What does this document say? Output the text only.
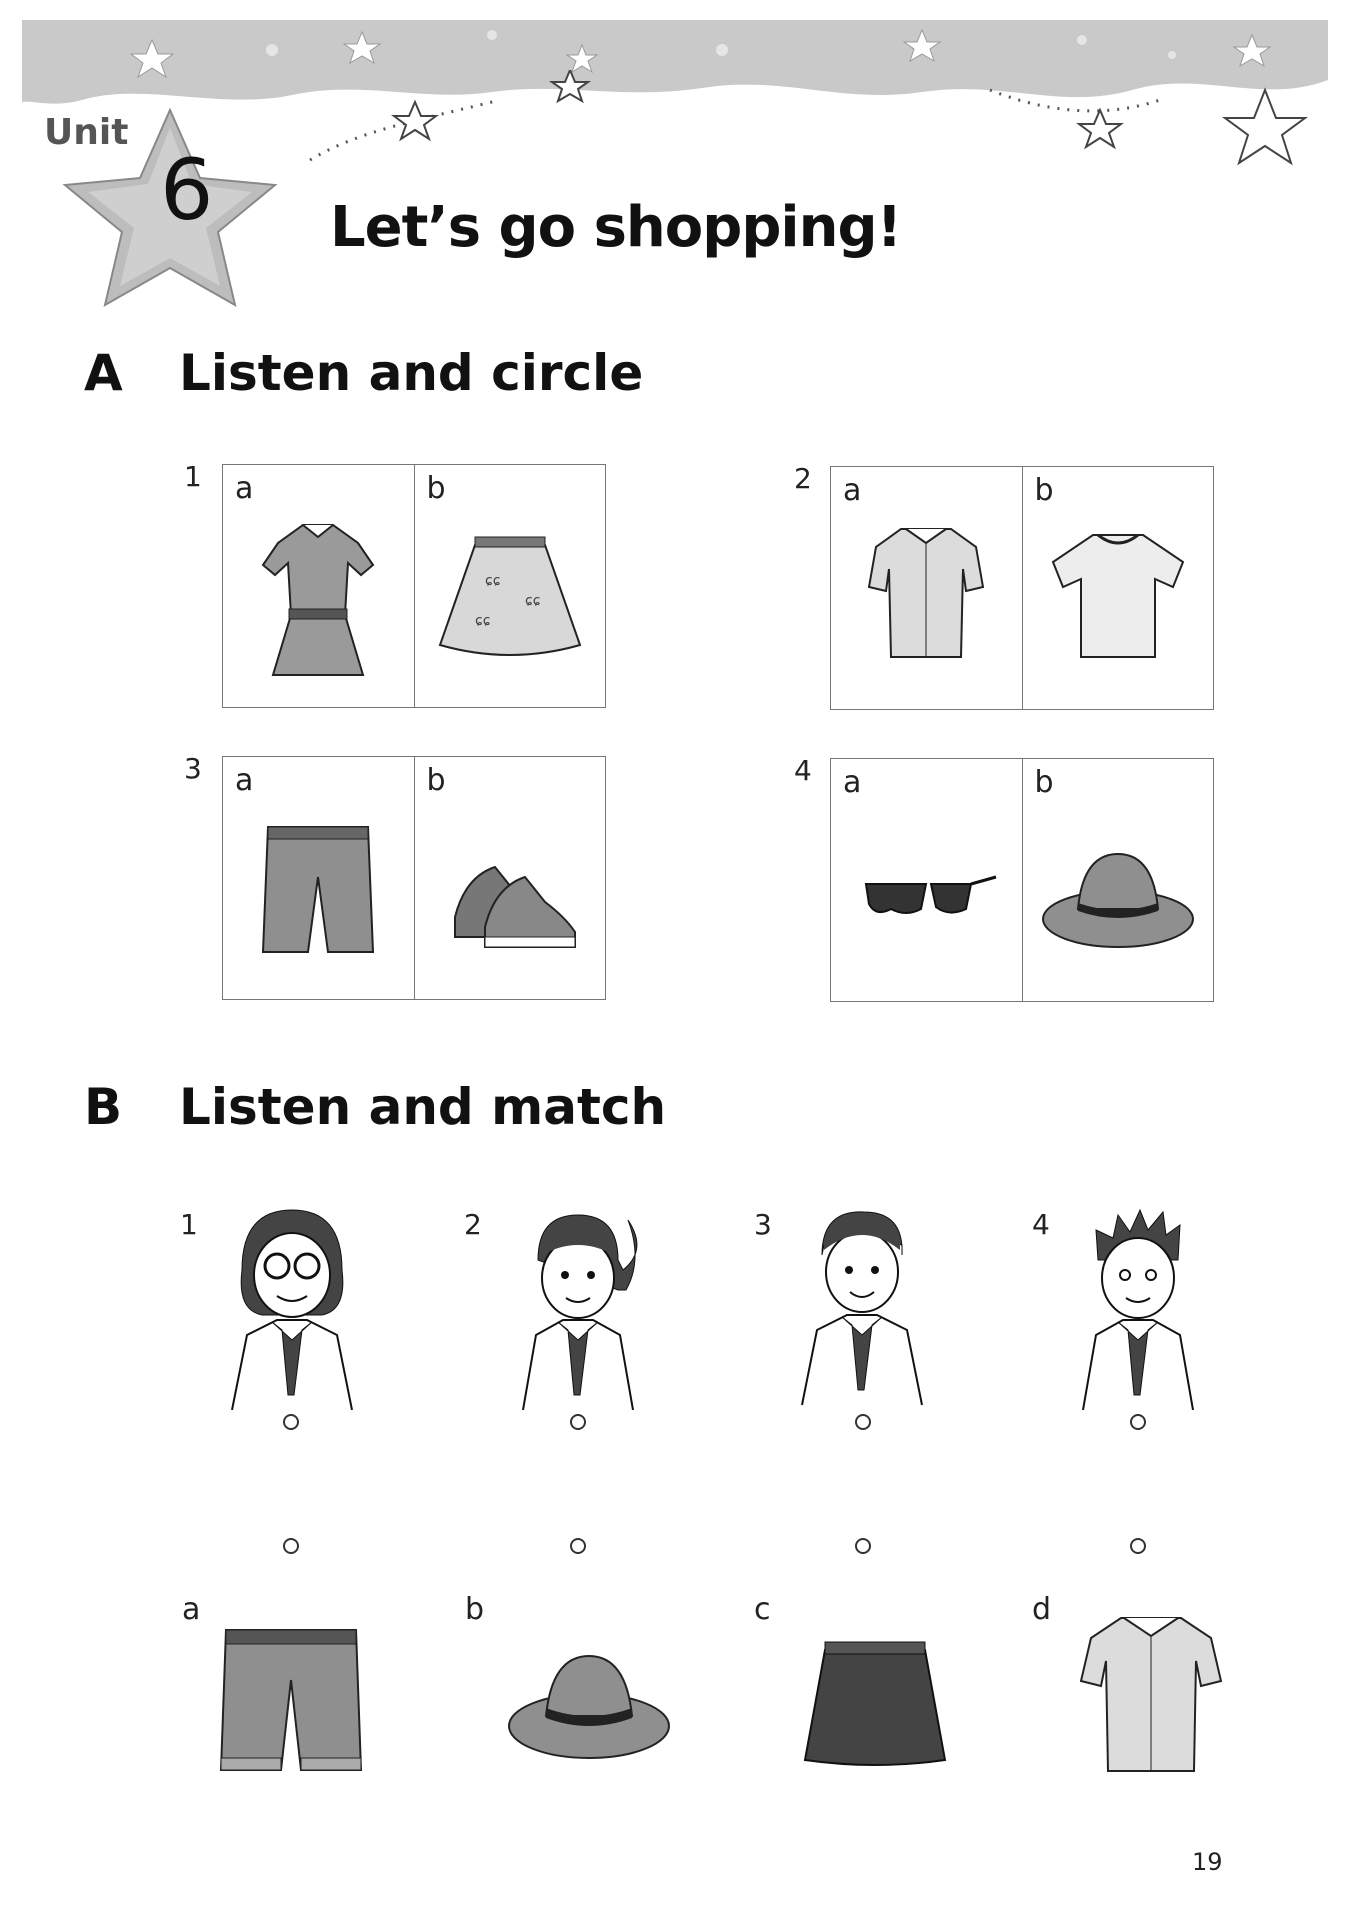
Unit
6 Let’s go shopping!
A Listen and circle
1 a	b
ɕɕ
ɕɕ
ɕɕ
2 a	b
3 a	b	4 a	b
B Listen and match
1	2	3	4
a	b	c	d
19
